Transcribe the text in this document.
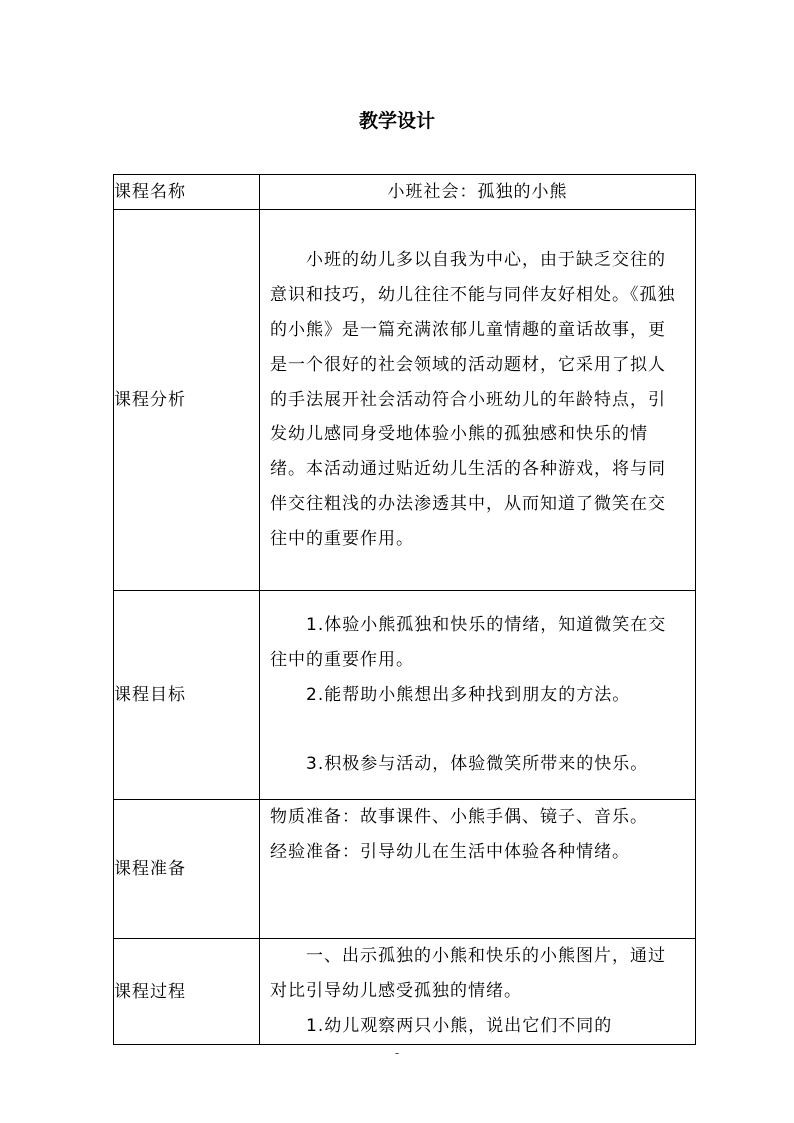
教学设计
课程名称	小班社会：孤独的小熊

课程分析	小班的幼儿多以自我为中心，由于缺乏交往的意识和技巧，幼儿往往不能与同伴友好相处。《孤独的小熊》是一篇充满浓郁儿童情趣的童话故事，更是一个很好的社会领域的活动题材，它采用了拟人的手法展开社会活动符合小班幼儿的年龄特点，引发幼儿感同身受地体验小熊的孤独感和快乐的情绪。本活动通过贴近幼儿生活的各种游戏，将与同伴交往粗浅的办法渗透其中，从而知道了微笑在交往中的重要作用。

课程目标	1.体验小熊孤独和快乐的情绪，知道微笑在交往中的重要作用。
2.能帮助小熊想出多种找到朋友的方法。
3.积极参与活动，体验微笑所带来的快乐。

课程准备	物质准备：故事课件、小熊手偶、镜子、音乐。
经验准备：引导幼儿在生活中体验各种情绪。

课程过程	一、出示孤独的小熊和快乐的小熊图片，通过对比引导幼儿感受孤独的情绪。
1.幼儿观察两只小熊，说出它们不同的
-
